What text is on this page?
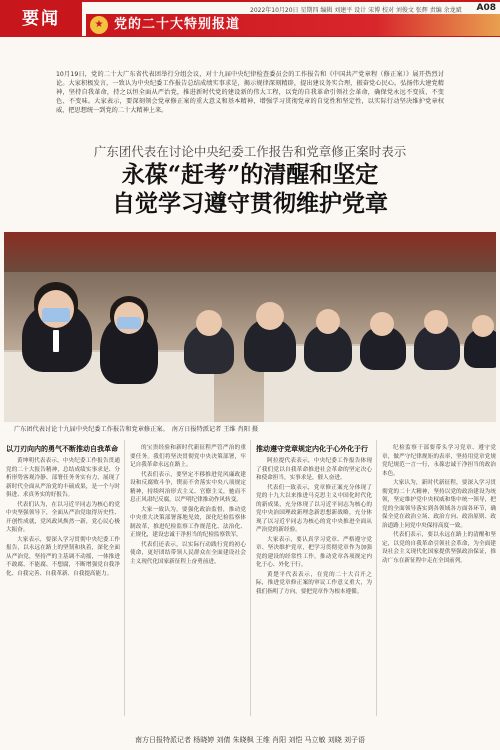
要闻	2022年10月20日 星期四 编辑 刘建平 设计 宋博 校对 刘俊文 张辉 责编 余龙斌 A08
★ 党的二十大特别报道

10月19日，党的二十大广东省代表团举行分组会议，对十九届中央纪律检查委员会的工作报告和《中国共产党章程（修正案）》展开热烈讨论。大家积极发言，一致认为中央纪委工作报告总结成绩实事求是，揭示规律深刻精辟，提出建议务实合理，振奋党心民心。弘扬伟大建党精神，坚持自我革命，持之以恒全面从严治党，推进新时代党的建设新的伟大工程，以党的自我革命引领社会革命，确保党永远不变质、不变色、不变味。大家表示，要深刻领会党章修正案的重大意义和基本精神，增强学习贯彻党章的自觉性和坚定性，以实际行动坚决维护党章权威，把思想统一到党的二十大精神上来。

广东团代表在讨论中央纪委工作报告和党章修正案时表示
永葆“赶考”的清醒和坚定
自觉学习遵守贯彻维护党章
广东团代表讨论十九届中央纪委工作报告和党章修正案。　南方日报特派记者 王维 肖阳 摄
以刀刃向内的勇气不断推动自我革命

黄坤明代表表示，中央纪委工作报告贯通党的二十大报告精神，总结成绩实事求是、分析形势客观冷静、部署任务务实有力，展现了新时代全面从严治党的丰硕成果，是一个与时俱进、求真务实的好报告。

代表们认为，在以习近平同志为核心的党中央坚强领导下，全面从严治党取得历史性、开创性成就，党风政风焕然一新，党心民心极大振奋。

大家表示，要深入学习贯彻中央纪委工作报告，以永远在路上的坚韧和执着，深化全面从严治党，坚持严的主基调不动摇，一体推进不敢腐、不能腐、不想腐，不断增强党自我净化、自我完善、自我革新、自我提高能力。

的宝贵经验和新时代新征程严管严治的重要任务。我们将坚决贯彻党中央决策部署，牢记自我革命永远在路上。

代表们表示，要坚定不移推进党风廉政建设和反腐败斗争，锲而不舍落实中央八项规定精神，持续纠治形式主义、官僚主义，驰而不息正风肃纪反腐，以严明纪律推动作风转变。

大家一致认为，要强化政治监督，推动党中央重大决策部署落地见效，深化纪检监察体制改革，推进纪检监察工作规范化、法治化、正规化，建设忠诚干净担当的纪检监察铁军。

代表们还表示，以实际行动践行党的初心使命，更好团结带领人民群众在全面建设社会主义现代化国家新征程上奋勇前进。

推动遵守党章规定内化于心外化于行

阿拉提代表表示，中央纪委工作报告体现了我们党以自我革命推进社会革命的坚定决心和使命担当，实事求是，催人奋进。

代表们一致表示，党章修正案充分体现了党的十九大以来推进马克思主义中国化时代化的新成果，充分体现了以习近平同志为核心的党中央治国理政新理念新思想新战略，充分体现了以习近平同志为核心的党中央推进全面从严治党的新经验。

大家表示，要认真学习党章、严格遵守党章、坚决维护党章，把学习贯彻党章作为加强党的建设的经常性工作，推动党章各项规定内化于心、外化于行。

黄楚平代表表示，在党的二十大召开之际，推进党章修正案的审议工作意义重大，为我们指明了方向，要把党章作为根本遵循。

纪检监察干部要带头学习党章、遵守党章，做严守纪律规矩的表率，坚持用党章党规党纪规范一言一行，永葆忠诚干净担当的政治本色。

大家认为，新时代新征程，要深入学习贯彻党的二十大精神，坚持以党的政治建设为统领，坚定维护党中央权威和集中统一领导，把党的全面领导落实到各领域各方面各环节，确保全党在政治立场、政治方向、政治原则、政治道路上同党中央保持高度一致。

代表们表示，要以永远在路上的清醒和坚定，以党的自我革命引领社会革命，为全面建设社会主义现代化国家提供坚强政治保证，推动广东在新征程中走在全国前列。

南方日报特派记者 杨晓婷 刘倩 朱晓枫 王维 肖阳 刘恺 马立敏 刘晓 刘子语
